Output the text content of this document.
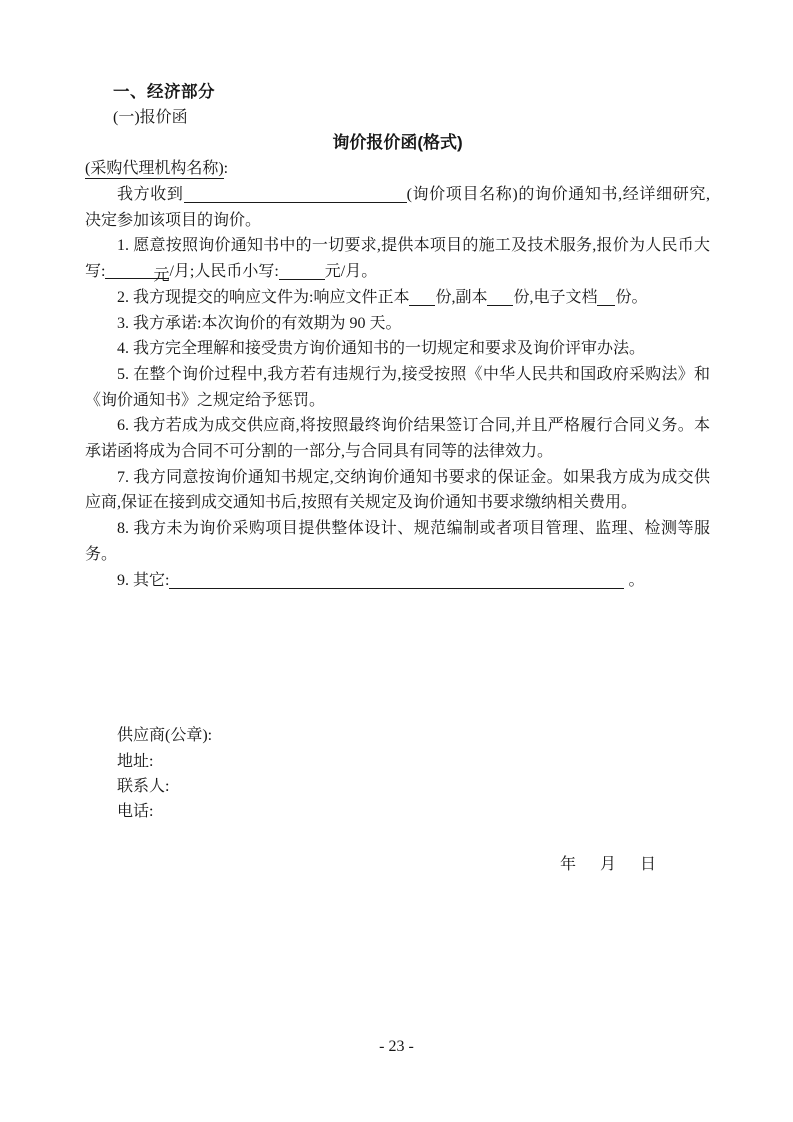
一、经济部分
(一)报价函
询价报价函(格式)
(采购代理机构名称):

我方收到	(询价项目名称)的询价通知书,经详细研究,决定参加该项目的询价。

1. 愿意按照询价通知书中的一切要求,提供本项目的施工及技术服务,报价为人民币大写:	元/月;人民币小写:	元/月。

2. 我方现提交的响应文件为:响应文件正本 份,副本 份,电子文档 份。

3. 我方承诺:本次询价的有效期为 90 天。

4. 我方完全理解和接受贵方询价通知书的一切规定和要求及询价评审办法。

5. 在整个询价过程中,我方若有违规行为,接受按照《中华人民共和国政府采购法》和《询价通知书》之规定给予惩罚。

6. 我方若成为成交供应商,将按照最终询价结果签订合同,并且严格履行合同义务。本承诺函将成为合同不可分割的一部分,与合同具有同等的法律效力。

7. 我方同意按询价通知书规定,交纳询价通知书要求的保证金。如果我方成为成交供应商,保证在接到成交通知书后,按照有关规定及询价通知书要求缴纳相关费用。

8. 我方未为询价采购项目提供整体设计、规范编制或者项目管理、监理、检测等服务。

9. 其它:	。

供应商(公章):
地址:
联系人:
电话:
年 月 日
- 23 -
